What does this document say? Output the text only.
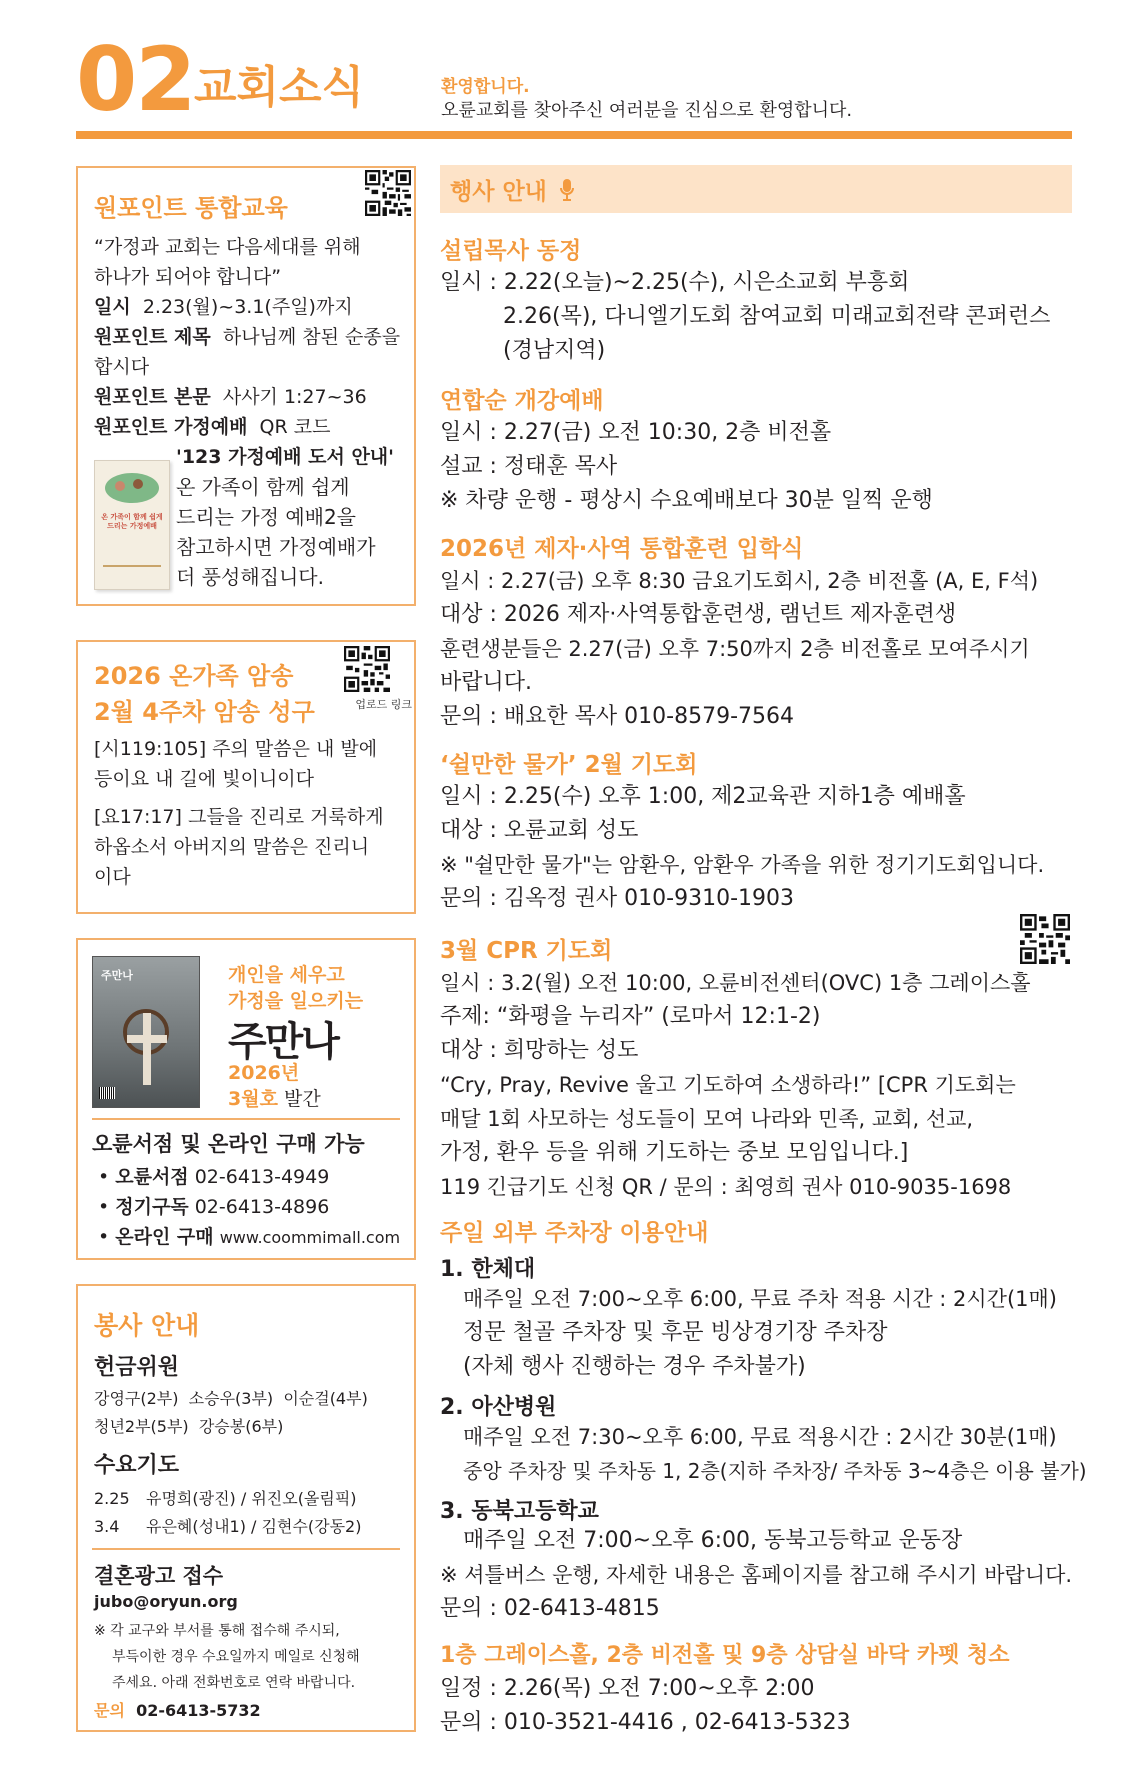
02 교회소식	환영합니다.
오륜교회를 찾아주신 여러분을 진심으로 환영합니다.
원포인트 통합교육
“가정과 교회는 다음세대를 위해
하나가 되어야 합니다”
일시 2.23(월)~3.1(주일)까지
원포인트 제목 하나님께 참된 순종을
합시다
원포인트 본문 사사기 1:27~36
원포인트 가정예배 QR 코드
온 가족이 함께 쉽게 드리는 가정예배
'123 가정예배 도서 안내'
온 가족이 함께 쉽게
드리는 가정 예배2을
참고하시면 가정예배가
더 풍성해집니다.
2026 온가족 암송
2월 4주차 암송 성구	업로드 링크
[시119:105] 주의 말씀은 내 발에
등이요 내 길에 빛이니이다
[요17:17] 그들을 진리로 거룩하게
하옵소서 아버지의 말씀은 진리니
이다
주만나	개인을 세우고
가정을 일으키는
주만나
2026년
3월호 발간
오륜서점 및 온라인 구매 가능
• 오륜서점 02-6413-4949
• 정기구독 02-6413-4896
• 온라인 구매 www.coommimall.com
봉사 안내
헌금위원
강영구(2부)  소승우(3부)  이순걸(4부)
청년2부(5부)  강승봉(6부)
수요기도
2.25 유명희(광진) / 위진오(올림픽)
3.4 유은혜(성내1) / 김현수(강동2)
결혼광고 접수
jubo@oryun.org
※ 각 교구와 부서를 통해 접수해 주시되,
부득이한 경우 수요일까지 메일로 신청해
주세요. 아래 전화번호로 연락 바랍니다.
문의 02-6413-5732
행사 안내
설립목사 동정
일시 : 2.22(오늘)~2.25(수), 시은소교회 부흥회
2.26(목), 다니엘기도회 참여교회 미래교회전략 콘퍼런스
(경남지역)
연합순 개강예배
일시 : 2.27(금) 오전 10:30, 2층 비전홀
설교 : 정태훈 목사
※ 차량 운행 - 평상시 수요예배보다 30분 일찍 운행
2026년 제자·사역 통합훈련 입학식
일시 : 2.27(금) 오후 8:30 금요기도회시, 2층 비전홀 (A, E, F석)
대상 : 2026 제자·사역통합훈련생, 램넌트 제자훈련생
훈련생분들은 2.27(금) 오후 7:50까지 2층 비전홀로 모여주시기
바랍니다.
문의 : 배요한 목사 010-8579-7564
‘쉴만한 물가’ 2월 기도회
일시 : 2.25(수) 오후 1:00, 제2교육관 지하1층 예배홀
대상 : 오륜교회 성도
※ "쉴만한 물가"는 암환우, 암환우 가족을 위한 정기기도회입니다.
문의 : 김옥정 권사 010-9310-1903
3월 CPR 기도회
일시 : 3.2(월) 오전 10:00, 오륜비전센터(OVC) 1층 그레이스홀
주제: “화평을 누리자” (로마서 12:1-2)
대상 : 희망하는 성도
“Cry, Pray, Revive 울고 기도하여 소생하라!” [CPR 기도회는
매달 1회 사모하는 성도들이 모여 나라와 민족, 교회, 선교,
가정, 환우 등을 위해 기도하는 중보 모임입니다.]
119 긴급기도 신청 QR / 문의 : 최영희 권사 010-9035-1698
주일 외부 주차장 이용안내
1. 한체대
매주일 오전 7:00~오후 6:00, 무료 주차 적용 시간 : 2시간(1매)
정문 철골 주차장 및 후문 빙상경기장 주차장
(자체 행사 진행하는 경우 주차불가)
2. 아산병원
매주일 오전 7:30~오후 6:00, 무료 적용시간 : 2시간 30분(1매)
중앙 주차장 및 주차동 1, 2층(지하 주차장/ 주차동 3~4층은 이용 불가)
3. 동북고등학교
매주일 오전 7:00~오후 6:00, 동북고등학교 운동장
※ 셔틀버스 운행, 자세한 내용은 홈페이지를 참고해 주시기 바랍니다.
문의 : 02-6413-4815
1층 그레이스홀, 2층 비전홀 및 9층 상담실 바닥 카펫 청소
일정 : 2.26(목) 오전 7:00~오후 2:00
문의 : 010-3521-4416 , 02-6413-5323
